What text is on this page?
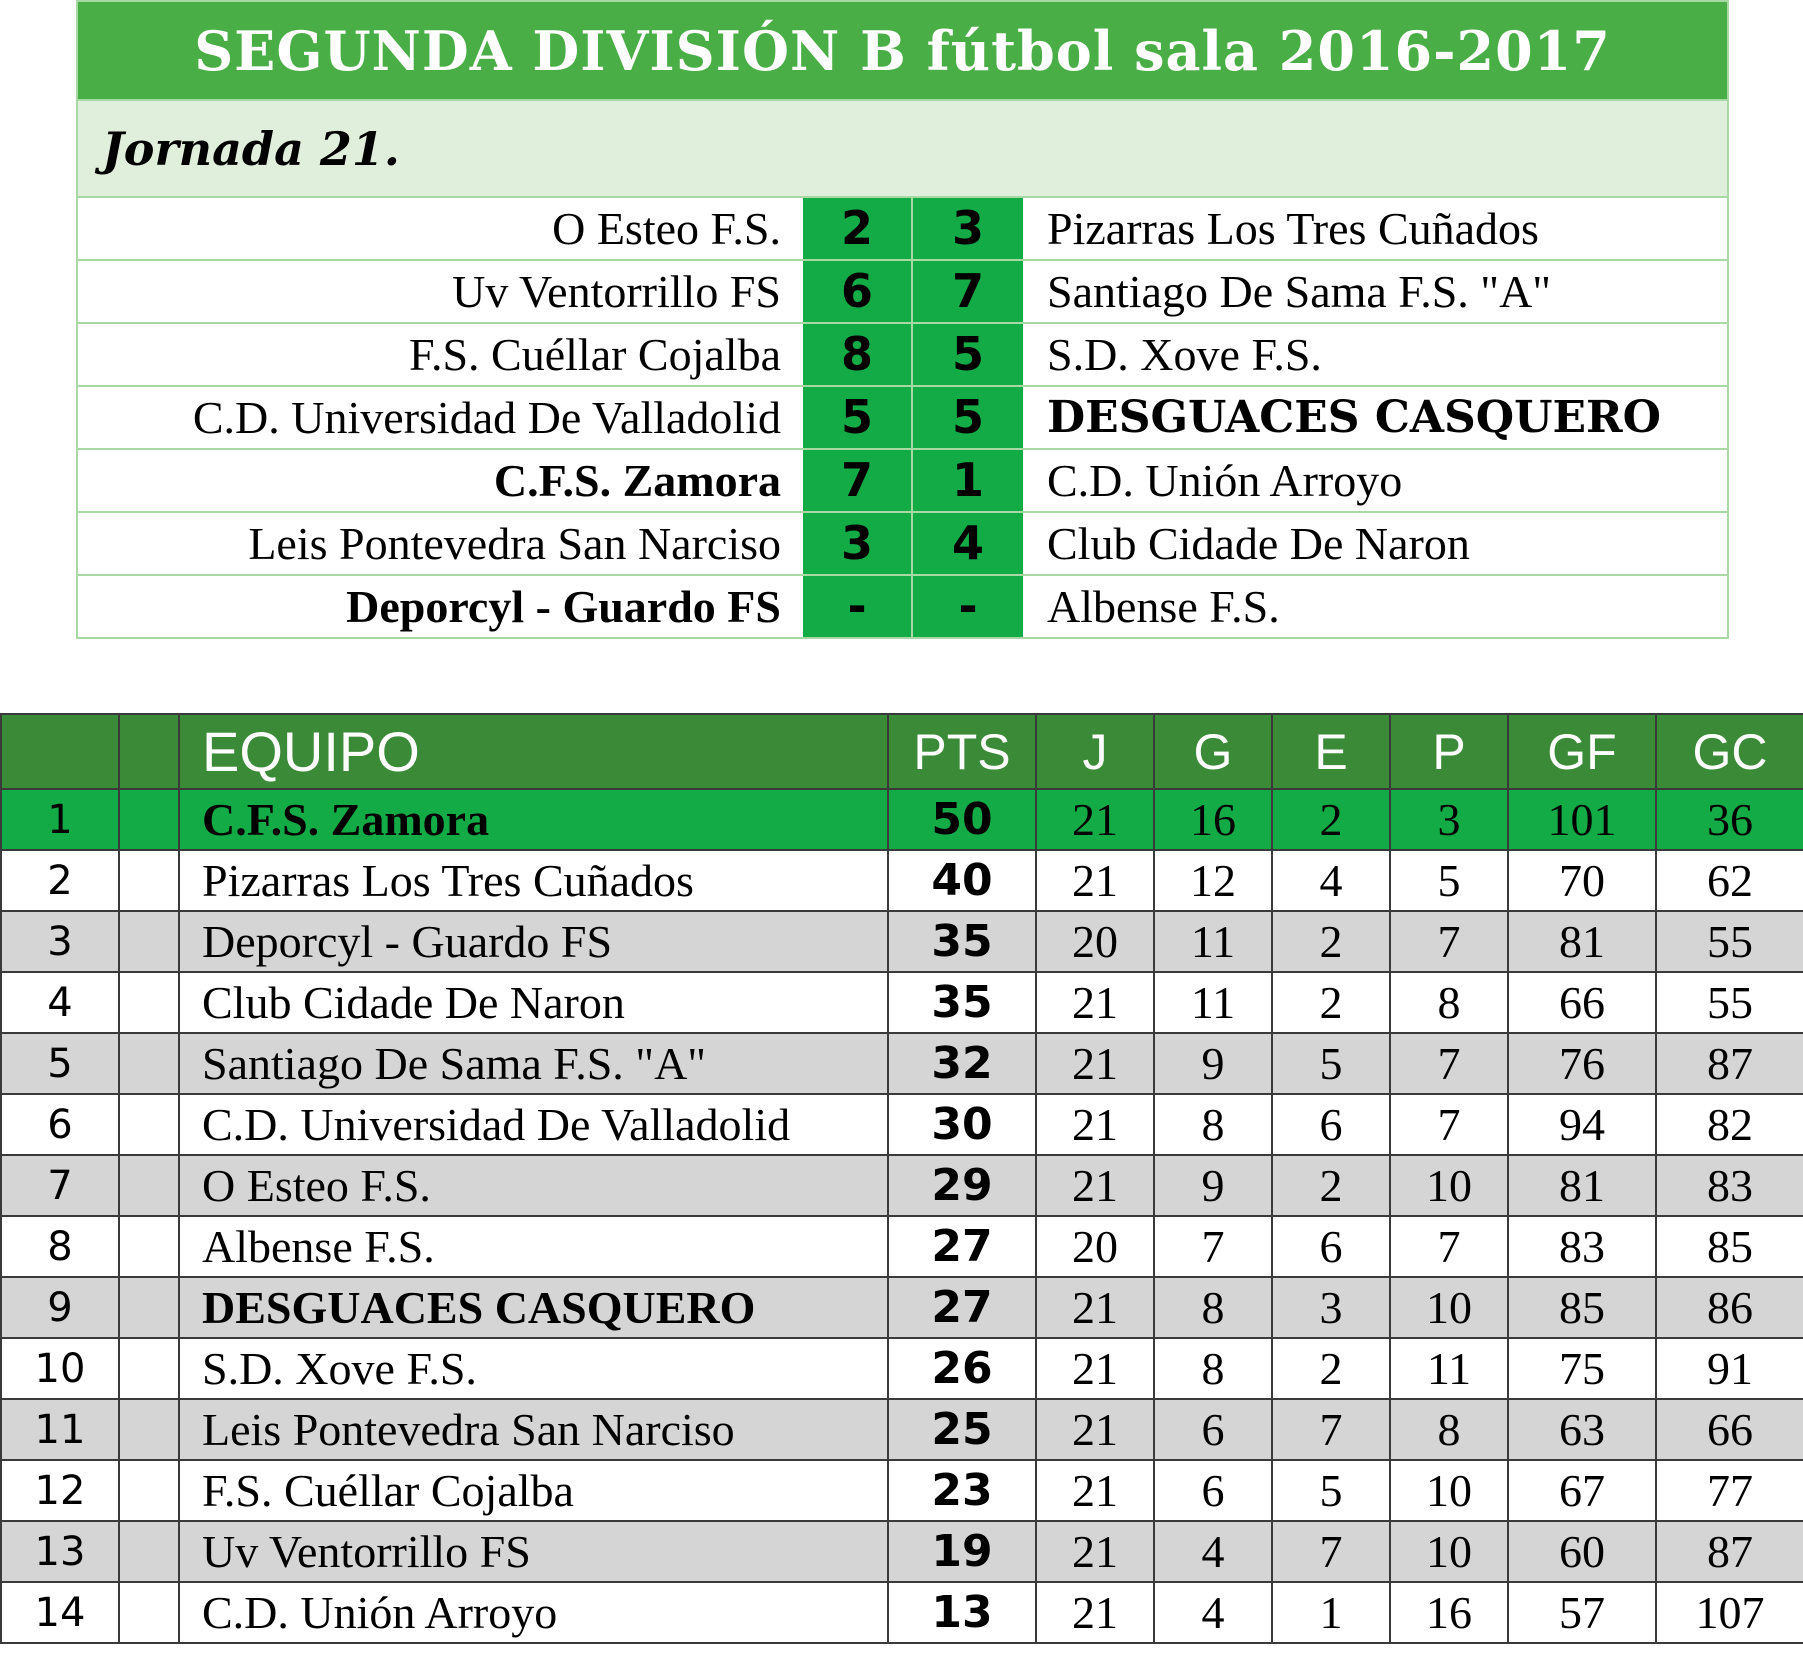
SEGUNDA DIVISIÓN B fútbol sala 2016-2017
Jornada 21.
O Esteo F.S.	2	3	Pizarras Los Tres Cuñados
Uv Ventorrillo FS	6	7	Santiago De Sama F.S. "A"
F.S. Cuéllar Cojalba	8	5	S.D. Xove F.S.
C.D. Universidad De Valladolid	5	5	DESGUACES CASQUERO
C.F.S. Zamora	7	1	C.D. Unión Arroyo
Leis Pontevedra San Narciso	3	4	Club Cidade De Naron
Deporcyl - Guardo FS	-	-	Albense F.S.
		EQUIPO	PTS	J	G	E	P	GF	GC
1		C.F.S. Zamora	50	21	16	2	3	101	36
2		Pizarras Los Tres Cuñados	40	21	12	4	5	70	62
3		Deporcyl - Guardo FS	35	20	11	2	7	81	55
4		Club Cidade De Naron	35	21	11	2	8	66	55
5		Santiago De Sama F.S. "A"	32	21	9	5	7	76	87
6		C.D. Universidad De Valladolid	30	21	8	6	7	94	82
7		O Esteo F.S.	29	21	9	2	10	81	83
8		Albense F.S.	27	20	7	6	7	83	85
9		DESGUACES CASQUERO	27	21	8	3	10	85	86
10		S.D. Xove F.S.	26	21	8	2	11	75	91
11		Leis Pontevedra San Narciso	25	21	6	7	8	63	66
12		F.S. Cuéllar Cojalba	23	21	6	5	10	67	77
13		Uv Ventorrillo FS	19	21	4	7	10	60	87
14		C.D. Unión Arroyo	13	21	4	1	16	57	107
